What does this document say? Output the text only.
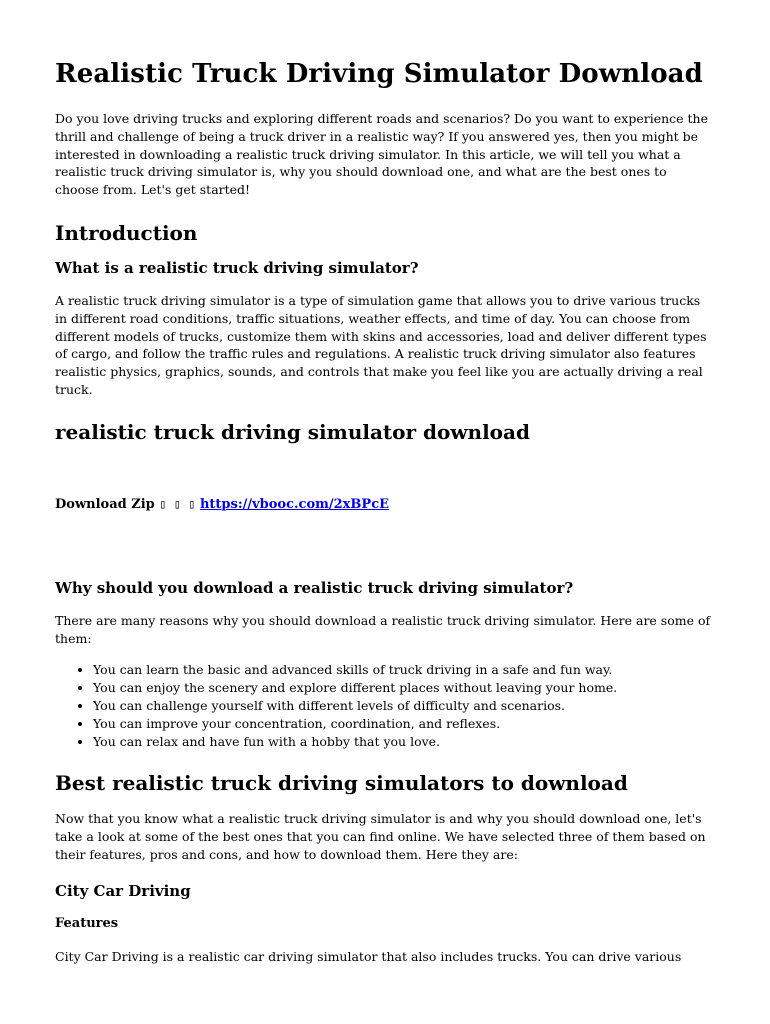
Realistic Truck Driving Simulator Download

Do you love driving trucks and exploring different roads and scenarios? Do you want to experience the thrill and challenge of being a truck driver in a realistic way? If you answered yes, then you might be interested in downloading a realistic truck driving simulator. In this article, we will tell you what a realistic truck driving simulator is, why you should download one, and what are the best ones to choose from. Let's get started!

Introduction
What is a realistic truck driving simulator?

A realistic truck driving simulator is a type of simulation game that allows you to drive various trucks in different road conditions, traffic situations, weather effects, and time of day. You can choose from different models of trucks, customize them with skins and accessories, load and deliver different types of cargo, and follow the traffic rules and regulations. A realistic truck driving simulator also features realistic physics, graphics, sounds, and controls that make you feel like you are actually driving a real truck.

realistic truck driving simulator download
Download Zip ▯ ▯ ▯ https://vbooc.com/2xBPcE
Why should you download a realistic truck driving simulator?

There are many reasons why you should download a realistic truck driving simulator. Here are some of them:

• You can learn the basic and advanced skills of truck driving in a safe and fun way.
• You can enjoy the scenery and explore different places without leaving your home.
• You can challenge yourself with different levels of difficulty and scenarios.
• You can improve your concentration, coordination, and reflexes.
• You can relax and have fun with a hobby that you love.
Best realistic truck driving simulators to download

Now that you know what a realistic truck driving simulator is and why you should download one, let's take a look at some of the best ones that you can find online. We have selected three of them based on their features, pros and cons, and how to download them. Here they are:

City Car Driving
Features

City Car Driving is a realistic car driving simulator that also includes trucks. You can drive various
